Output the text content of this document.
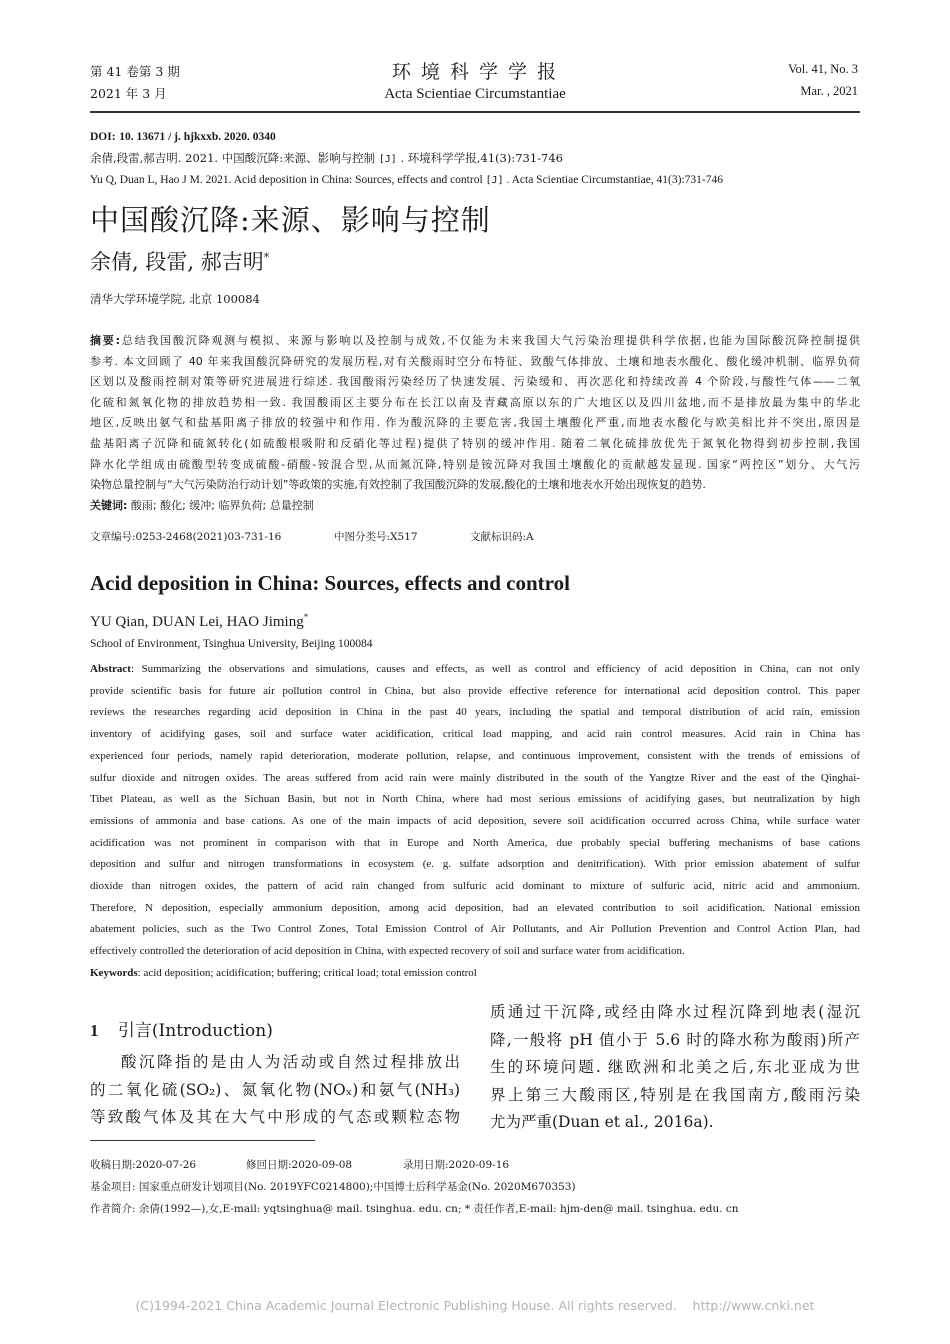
第 41 卷第 3 期
2021 年 3 月
环 境 科 学 学 报
Acta Scientiae Circumstantiae
Vol. 41, No. 3
Mar. , 2021
DOI: 10. 13671 / j. hjkxxb. 2020. 0340
余倩,段雷,郝吉明. 2021. 中国酸沉降:来源、影响与控制 [J] . 环境科学学报,41(3):731-746
Yu Q, Duan L, Hao J M. 2021. Acid deposition in China: Sources, effects and control [J] . Acta Scientiae Circumstantiae, 41(3):731-746
中国酸沉降:来源、影响与控制
余倩, 段雷, 郝吉明*
清华大学环境学院, 北京 100084
摘要:总结我国酸沉降观测与模拟、来源与影响以及控制与成效,不仅能为未来我国大气污染治理提供科学依据,也能为国际酸沉降控制提供
参考. 本文回顾了 40 年来我国酸沉降研究的发展历程,对有关酸雨时空分布特征、致酸气体排放、土壤和地表水酸化、酸化缓冲机制、临界负荷
区划以及酸雨控制对策等研究进展进行综述. 我国酸雨污染经历了快速发展、污染缓和、再次恶化和持续改善 4 个阶段,与酸性气体——二氧
化硫和氮氧化物的排放趋势相一致. 我国酸雨区主要分布在长江以南及青藏高原以东的广大地区以及四川盆地,而不是排放最为集中的华北
地区,反映出氨气和盐基阳离子排放的较强中和作用. 作为酸沉降的主要危害,我国土壤酸化严重,而地表水酸化与欧美相比并不突出,原因是
盐基阳离子沉降和硫氮转化(如硫酸根吸附和反硝化等过程)提供了特别的缓冲作用. 随着二氧化硫排放优先于氮氧化物得到初步控制,我国
降水化学组成由硫酸型转变成硫酸-硝酸-铵混合型,从而氮沉降,特别是铵沉降对我国土壤酸化的贡献越发显现. 国家“两控区”划分、大气污
染物总量控制与“大气污染防治行动计划”等政策的实施,有效控制了我国酸沉降的发展,酸化的土壤和地表水开始出现恢复的趋势.
关键词: 酸雨; 酸化; 缓冲; 临界负荷; 总量控制
文章编号:0253-2468(2021)03-731-16	中图分类号:X517	文献标识码:A
Acid deposition in China: Sources, effects and control
YU Qian, DUAN Lei, HAO Jiming*
School of Environment, Tsinghua University, Beijing 100084
Abstract: Summarizing the observations and simulations, causes and effects, as well as control and efficiency of acid deposition in China, can not only
provide scientific basis for future air pollution control in China, but also provide effective reference for international acid deposition control. This paper
reviews the researches regarding acid deposition in China in the past 40 years, including the spatial and temporal distribution of acid rain, emission
inventory of acidifying gases, soil and surface water acidification, critical load mapping, and acid rain control measures. Acid rain in China has
experienced four periods, namely rapid deterioration, moderate pollution, relapse, and continuous improvement, consistent with the trends of emissions of
sulfur dioxide and nitrogen oxides. The areas suffered from acid rain were mainly distributed in the south of the Yangtze River and the east of the Qinghai-
Tibet Plateau, as well as the Sichuan Basin, but not in North China, where had most serious emissions of acidifying gases, but neutralization by high
emissions of ammonia and base cations. As one of the main impacts of acid deposition, severe soil acidification occurred across China, while surface water
acidification was not prominent in comparison with that in Europe and North America, due probably special buffering mechanisms of base cations
deposition and sulfur and nitrogen transformations in ecosystem (e. g. sulfate adsorption and denitrification). With prior emission abatement of sulfur
dioxide than nitrogen oxides, the pattern of acid rain changed from sulfuric acid dominant to mixture of sulfuric acid, nitric acid and ammonium.
Therefore, N deposition, especially ammonium deposition, among acid deposition, had an elevated contribution to soil acidification. National emission
abatement policies, such as the Two Control Zones, Total Emission Control of Air Pollutants, and Air Pollution Prevention and Control Action Plan, had
effectively controlled the deterioration of acid deposition in China, with expected recovery of soil and surface water from acidification.
Keywords: acid deposition; acidification; buffering; critical load; total emission control
1 引言(Introduction)
酸沉降指的是由人为活动或自然过程排放出
的二氧化硫(SO₂)、氮氧化物(NOₓ)和氨气(NH₃)
等致酸气体及其在大气中形成的气态或颗粒态物
质通过干沉降,或经由降水过程沉降到地表(湿沉
降,一般将 pH 值小于 5.6 时的降水称为酸雨)所产
生的环境问题. 继欧洲和北美之后,东北亚成为世
界上第三大酸雨区,特别是在我国南方,酸雨污染
尤为严重(Duan et al., 2016a).
收稿日期:2020-07-26	修回日期:2020-09-08	录用日期:2020-09-16
基金项目: 国家重点研发计划项目(No. 2019YFC0214800);中国博士后科学基金(No. 2020M670353)
作者简介: 余倩(1992—),女,E-mail: yqtsinghua@ mail. tsinghua. edu. cn; * 责任作者,E-mail: hjm-den@ mail. tsinghua. edu. cn
(C)1994-2021 China Academic Journal Electronic Publishing House. All rights reserved.    http://www.cnki.net
